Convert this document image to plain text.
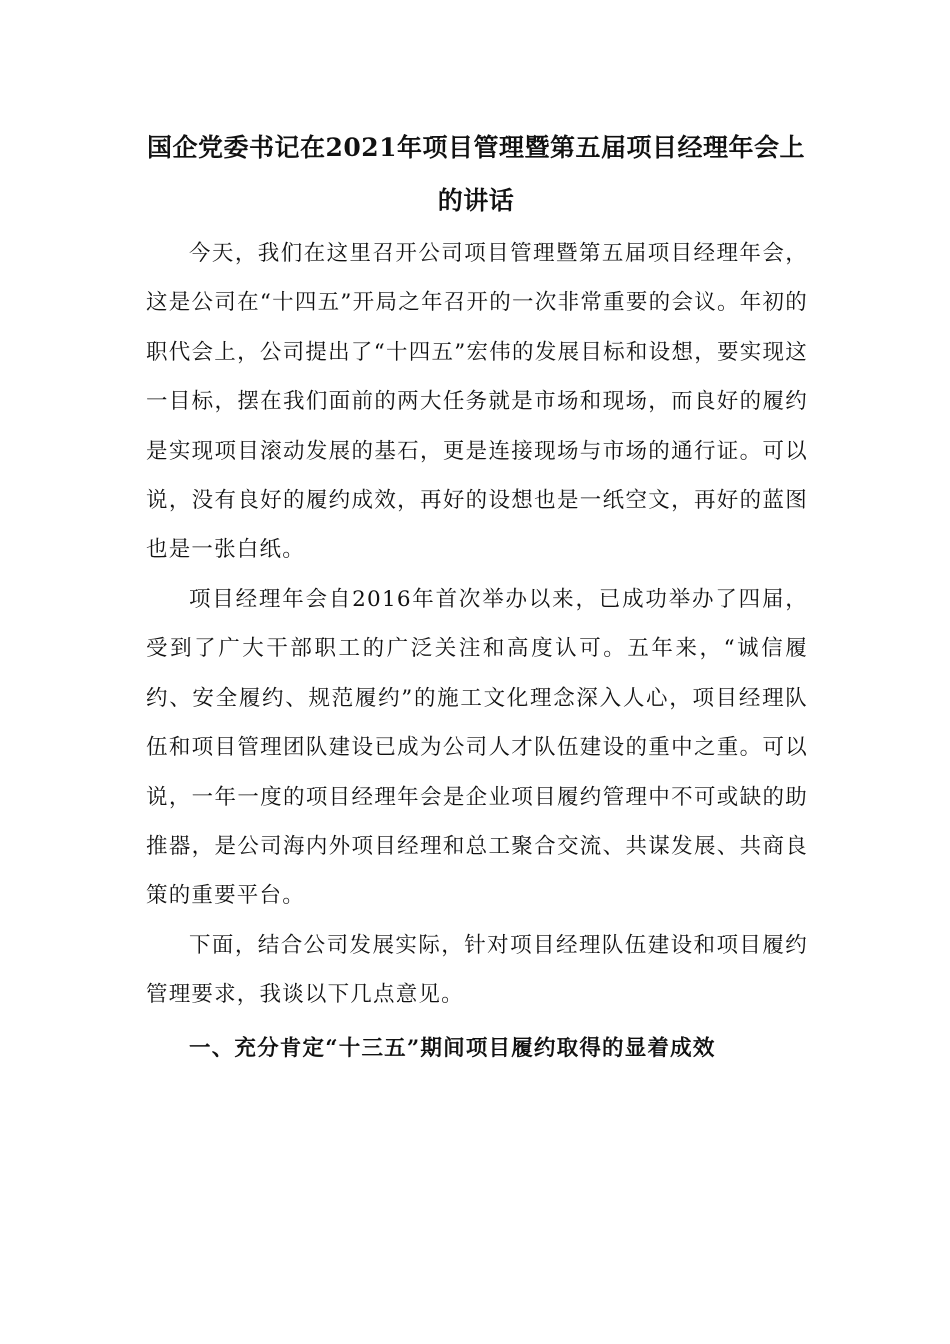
国企党委书记在2021年项目管理暨第五届项目经理年会上
的讲话

今天，我们在这里召开公司项目管理暨第五届项目经理年会，这是公司在“十四五”开局之年召开的一次非常重要的会议。年初的职代会上，公司提出了“十四五”宏伟的发展目标和设想，要实现这一目标，摆在我们面前的两大任务就是市场和现场，而良好的履约是实现项目滚动发展的基石，更是连接现场与市场的通行证。可以说，没有良好的履约成效，再好的设想也是一纸空文，再好的蓝图也是一张白纸。

项目经理年会自2016年首次举办以来，已成功举办了四届，受到了广大干部职工的广泛关注和高度认可。五年来，“诚信履约、安全履约、规范履约”的施工文化理念深入人心，项目经理队伍和项目管理团队建设已成为公司人才队伍建设的重中之重。可以说，一年一度的项目经理年会是企业项目履约管理中不可或缺的助推器，是公司海内外项目经理和总工聚合交流、共谋发展、共商良策的重要平台。

下面，结合公司发展实际，针对项目经理队伍建设和项目履约管理要求，我谈以下几点意见。

一、充分肯定“十三五”期间项目履约取得的显着成效
